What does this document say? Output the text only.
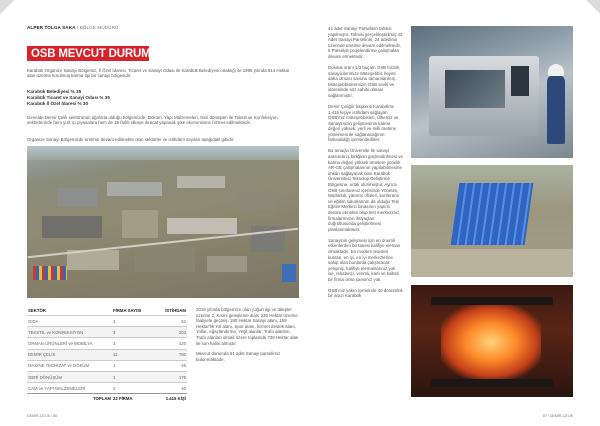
ALPER TOLGA SAKA / BÖLGE MÜDÜRÜ
OSB MEVCUT DURUM

Karabük Organize Sanayi Bölgemiz, İl Özel İdaresi, Ticaret ve Sanayi Odası ile Karabük Belediyesi ortaklığı ile 1995 yılında 514 Hektar alan üzerine kurulmuş karma tipi bir sanayi bölgesidir.

Karabük Belediyesi % 35
Karabük Ticaret ve Sanayi Odası % 35
Karabük İl Özel İdaresi % 30

Genelde Demir Çelik sektörünün ağırlıkta olduğu bölgemizde, Döküm, Yapı Malzemeleri, Geri dönüşüm ile Tekstil ve Konfeksiyon sektörlerinde hem yurt içi piyasalara hem de 18 farklı ülkeye ihracat yapanak şıke ekonomisine hizmet edilmektedir.

Organize Sanayi Bölgemizde üretime devam edilmekte olan sektörler ve istihdam sayıları aşağıdaki gibidir.

SEKTÖR	FİRMA SAYISI	İSTİHDAM
GIDA	1	52
TEKSTİL ve KONFEKSİYON	3	203
ORMAN ÜRÜNLERİ ve MOBİLYA	3	120
DEMİR ÇELİK	11	780
MAKİNE TECHİZAT ve DÖKÜM	1	45
GERİ DÖNÜŞÜM	1	175
CAM ve YAPI MALZEMELERİ	2	40
TOPLAM 22 FİRMA	1.415 KİŞİ

2016 yılında bölgemize olan yoğun ilgi ve talepler üzerine 2. Kısmi genişleme alanı 225 Hektar üzerine faaliyete geçmiş, 180 Hektar Sanayi alanı, 159 Hektar'lık Yol alanı, Spor alanı, hizmet destek alanı, Yollar, Ağaçlandırma, Yeşil alanlar, Trafo alanları, Trafo alanları olmak üzere toplamda 739 Hektar alan ile son halini almıştır.

Mevcut durumda 51 adet Sanayi parselimiz bulunmaktadır.

42 adet Sanayi Parselinin tahsisi yapılmıştır. Tahsisi gerçekleştirilmiş 42 Adet Sanayi Parselinin, 24 adedinin üzerinde üretime devam edilmektedir, 5 Parselde projelendirme çalışmaları devam etmektedir.

Doluluk oranı 1/3 buçam OSB İnizde, sanayicilerimize Müteşebbis heyeti daha olması savunu tamamlanmış, Müteşebbislerimizin OSB sevki ve idaresinde söz sahibi olması sağlanmıştır.

Demir Çeliğin başkenti Karabük'te 1.415 kişiye istihdam sağlayan OSB'miz müteşebbisleri, Ülkemiz ve Sanayimizin gelişmesinin katma değeri yüksek, yerli ve milli üretime yönelmesi ile sağlanacağının farkındalığı içerisindedirler.

Bu amaçla Üniversite ile sanayi arasında iş birliğinin güçlendirilmesi ve katma değeri yüksek ürünlere yönelik AR-GE çalışmalarının yapılabilmesine imkân sağlayacak olan Karabük Üniversitesi Teknoloji Geliştirme Bölgesine, ortak olunmuştur. Ayrıca OSB sınırlarımız içerisinde Yönetim, Müdürlük, yatırımı ofisleri, konferans ve eğitim salonlarının da olduğu Teşi Eğitim Merkezi binasının yapımı devam etmekte olup test merkezimiz, firmalarımızın ihtiyaçları doğrultusunda geliştirilmesi planlanmaktadır.

Sanayinin gelişmesi için en önemli etkenlerden bir tanesi kalifiye eleman olmaktadır. En modern tesisleri kursan, en iyi, en iyi merkezlerine sahip olan bunlarda çalıştıracak yetişmiş, kalifiye elemanlarınız yok ise, rekabetçi, verimli, karlı ve kaliteli bir firma olma şansınız yok.

OSB'miz yakın içerisinde 40 dönümlük bir arazi Karabük

DEMİR-ÇELİK / 86	87 / DEMİR-ÇELİK
